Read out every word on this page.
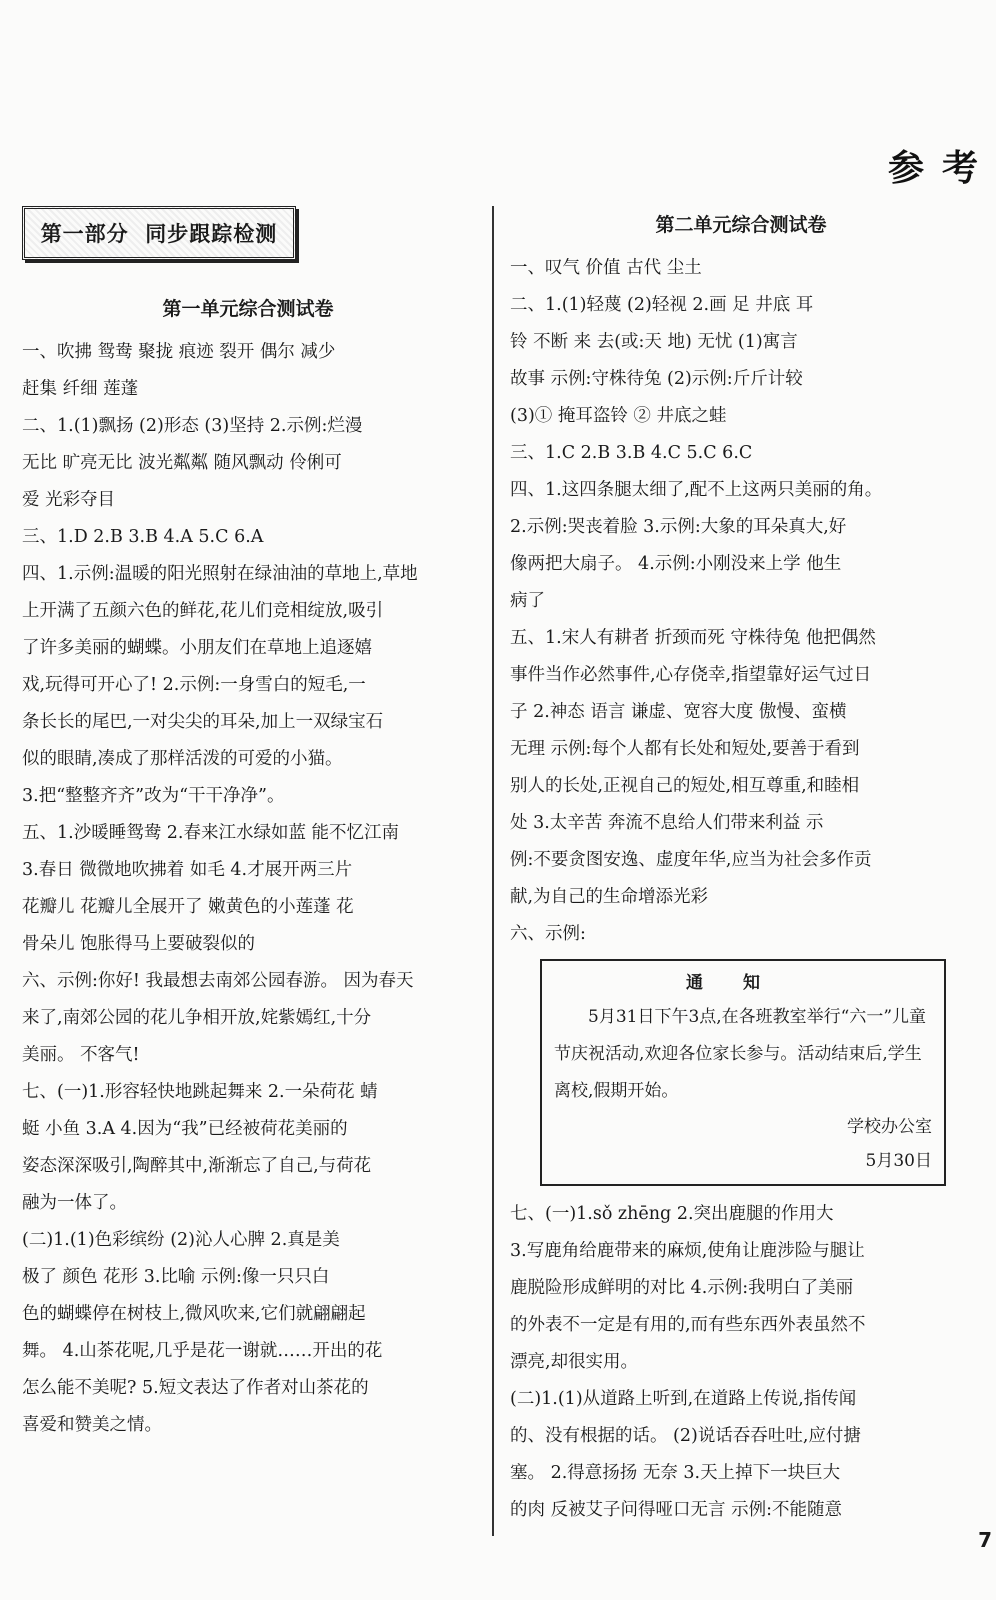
参考
第一部分  同步跟踪检测
第一单元综合测试卷
一、吹拂 鸳鸯 聚拢 痕迹 裂开 偶尔 减少
赶集 纤细 莲蓬
二、1.(1)飘扬 (2)形态 (3)坚持 2.示例:烂漫
无比 旷亮无比 波光粼粼 随风飘动 伶俐可
爱 光彩夺目
三、1.D 2.B 3.B 4.A 5.C 6.A
四、1.示例:温暖的阳光照射在绿油油的草地上,草地
上开满了五颜六色的鲜花,花儿们竞相绽放,吸引
了许多美丽的蝴蝶。小朋友们在草地上追逐嬉
戏,玩得可开心了! 2.示例:一身雪白的短毛,一
条长长的尾巴,一对尖尖的耳朵,加上一双绿宝石
似的眼睛,凑成了那样活泼的可爱的小猫。
3.把“整整齐齐”改为“干干净净”。
五、1.沙暖睡鸳鸯 2.春来江水绿如蓝 能不忆江南
3.春日 微微地吹拂着 如毛 4.才展开两三片
花瓣儿 花瓣儿全展开了 嫩黄色的小莲蓬 花
骨朵儿 饱胀得马上要破裂似的
六、示例:你好! 我最想去南郊公园春游。 因为春天
来了,南郊公园的花儿争相开放,姹紫嫣红,十分
美丽。 不客气!
七、(一)1.形容轻快地跳起舞来 2.一朵荷花 蜻
蜓 小鱼 3.A 4.因为“我”已经被荷花美丽的
姿态深深吸引,陶醉其中,渐渐忘了自己,与荷花
融为一体了。
(二)1.(1)色彩缤纷 (2)沁人心脾 2.真是美
极了 颜色 花形 3.比喻 示例:像一只只白
色的蝴蝶停在树枝上,微风吹来,它们就翩翩起
舞。 4.山茶花呢,几乎是花一谢就……开出的花
怎么能不美呢? 5.短文表达了作者对山茶花的
喜爱和赞美之情。
第二单元综合测试卷
一、叹气 价值 古代 尘土
二、1.(1)轻蔑 (2)轻视 2.画 足 井底 耳
铃 不断 来 去(或:天 地) 无忧 (1)寓言
故事 示例:守株待兔 (2)示例:斤斤计较
(3)① 掩耳盗铃 ② 井底之蛙
三、1.C 2.B 3.B 4.C 5.C 6.C
四、1.这四条腿太细了,配不上这两只美丽的角。
2.示例:哭丧着脸 3.示例:大象的耳朵真大,好
像两把大扇子。 4.示例:小刚没来上学 他生
病了
五、1.宋人有耕者 折颈而死 守株待兔 他把偶然
事件当作必然事件,心存侥幸,指望靠好运气过日
子 2.神态 语言 谦虚、宽容大度 傲慢、蛮横
无理 示例:每个人都有长处和短处,要善于看到
别人的长处,正视自己的短处,相互尊重,和睦相
处 3.太辛苦 奔流不息给人们带来利益 示
例:不要贪图安逸、虚度年华,应当为社会多作贡
献,为自己的生命增添光彩
六、示例:
通知
5月31日下午3点,在各班教室举行“六一”儿童节庆祝活动,欢迎各位家长参与。活动结束后,学生离校,假期开始。
学校办公室
5月30日
七、(一)1.sǒ zhēng 2.突出鹿腿的作用大
3.写鹿角给鹿带来的麻烦,使角让鹿涉险与腿让
鹿脱险形成鲜明的对比 4.示例:我明白了美丽
的外表不一定是有用的,而有些东西外表虽然不
漂亮,却很实用。
(二)1.(1)从道路上听到,在道路上传说,指传闻
的、没有根据的话。 (2)说话吞吞吐吐,应付搪
塞。 2.得意扬扬 无奈 3.天上掉下一块巨大
的肉 反被艾子问得哑口无言 示例:不能随意
7
